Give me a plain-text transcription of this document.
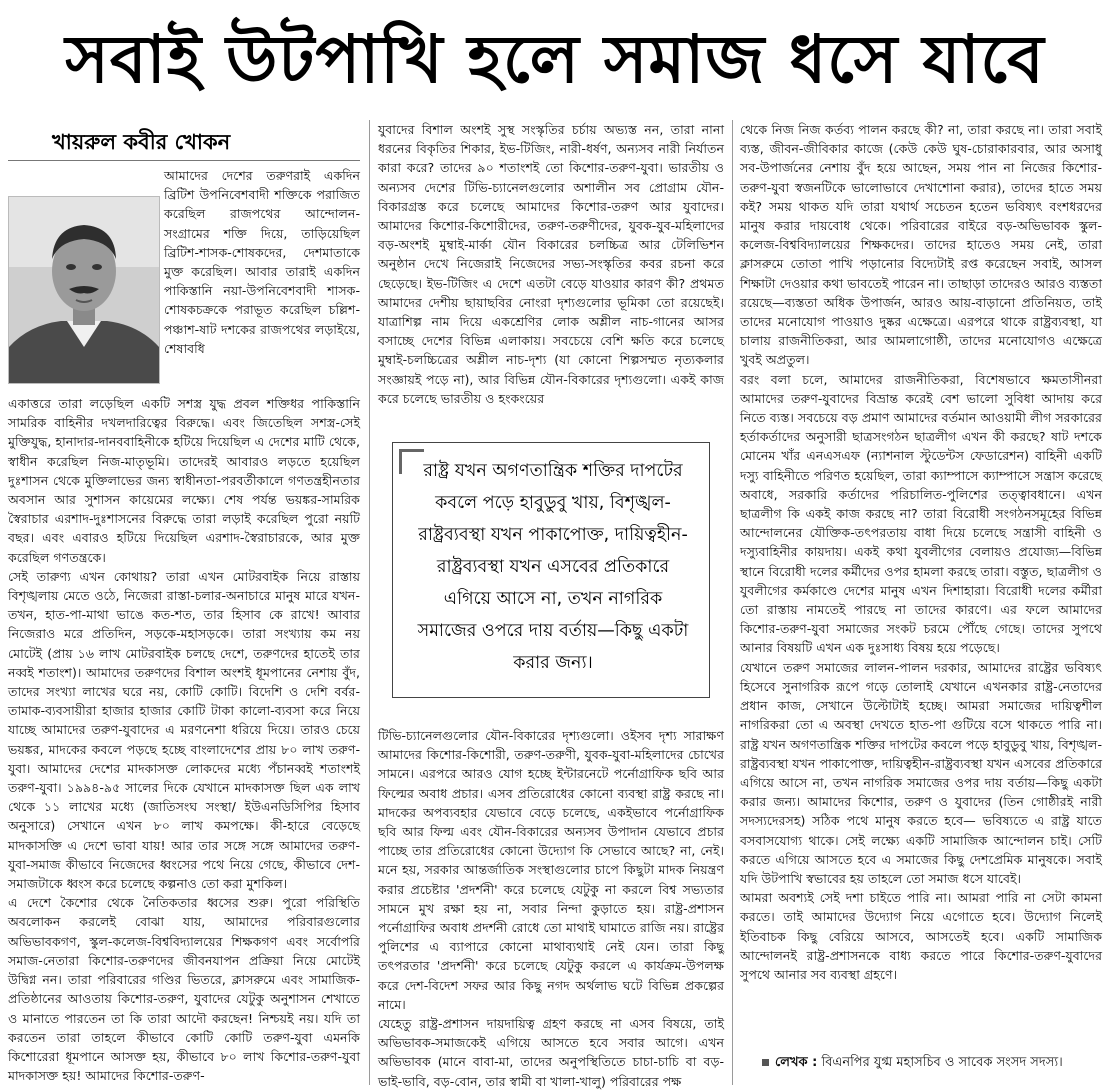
সবাই উটপাখি হলে সমাজ ধসে যাবে
খায়রুল কবীর খোকন

আমাদের দেশের তরুণরাই একদিন ব্রিটিশ উপনিবেশবাদী শক্তিকে পরাজিত করেছিল রাজপথের আন্দোলন-সংগ্রামের শক্তি দিয়ে, তাড়িয়েছিল ব্রিটিশ-শাসক-শোষকদের, দেশমাতাকে মুক্ত করেছিল। আবার তারাই একদিন পাকিস্তানি নয়া-উপনিবেশবাদী শাসক-শোষকচক্রকে পরাভূত করেছিল চল্লিশ-পঞ্চাশ-ষাট দশকের রাজপথের লড়াইয়ে, শেষাবধি

একাত্তরে তারা লড়েছিল একটি সশস্ত্র যুদ্ধ প্রবল শক্তিধর পাকিস্তানি সামরিক বাহিনীর দখলদারিত্বের বিরুদ্ধে। এবং জিতেছিল সশস্ত্র-সেই মুক্তিযুদ্ধ, হানাদার-দানববাহিনীকে হটিয়ে দিয়েছিল এ দেশের মাটি থেকে, স্বাধীন করেছিল নিজ-মাতৃভূমি। তাদেরই আবারও লড়তে হয়েছিল দুঃশাসন থেকে মুক্তিলাভের জন্য স্বাধীনতা-পরবর্তীকালে গণতন্ত্রহীনতার অবসান আর সুশাসন কায়েমের লক্ষ্যে। শেষ পর্যন্ত ভয়ঙ্কর-সামরিক স্বৈরাচার এরশাদ-দুঃশাসনের বিরুদ্ধে তারা লড়াই করেছিল পুরো নয়টি বছর। এবং এবারও হটিয়ে দিয়েছিল এরশাদ-স্বৈরাচারকে, আর মুক্ত করেছিল গণতন্ত্রকে।

সেই তারুণ্য এখন কোথায়? তারা এখন মোটরবাইক নিয়ে রাস্তায় বিশৃঙ্খলায় মেতে ওঠে, নিজেরা রাস্তা-চলার-অনাচারে মানুষ মারে যখন-তখন, হাত-পা-মাথা ভাঙে কত-শত, তার হিসাব কে রাখে! আবার নিজেরাও মরে প্রতিদিন, সড়কে-মহাসড়কে। তারা সংখ্যায় কম নয় মোটেই (প্রায় ১৬ লাখ মোটরবাইক চলছে দেশে, তরুণদের হাতেই তার নব্বই শতাংশ)। আমাদের তরুণদের বিশাল অংশই ধূমপানের নেশায় বুঁদ, তাদের সংখ্যা লাখের ঘরে নয়, কোটি কোটি। বিদেশি ও দেশি বর্বর-তামাক-ব্যবসায়ীরা হাজার হাজার কোটি টাকা কালো-ব্যবসা করে নিয়ে যাচ্ছে আমাদের তরুণ-যুবাদের এ মরণনেশা ধরিয়ে দিয়ে। তারও চেয়ে ভয়ঙ্কর, মাদকের কবলে পড়ছে হচ্ছে বাংলাদেশের প্রায় ৮০ লাখ তরুণ-যুবা। আমাদের দেশের মাদকাসক্ত লোকদের মধ্যে পঁচানব্বই শতাংশই তরুণ-যুবা। ১৯৯৪-৯৫ সালের দিকে যেখানে মাদকাসক্ত ছিল এক লাখ থেকে ১১ লাখের মধ্যে (জাতিসংঘ সংস্থা/ ইউএনডিসিপির হিসাব অনুসারে) সেখানে এখন ৮০ লাখ কমপক্ষে। কী-হারে বেড়েছে মাদকাসক্তি এ দেশে ভাবা যায়! আর তার সঙ্গে সঙ্গে আমাদের তরুণ-যুবা-সমাজ কীভাবে নিজেদের ধ্বংসের পথে নিয়ে গেছে, কীভাবে দেশ-সমাজটাকে ধ্বংস করে চলেছে কল্পনাও তো করা মুশকিল।

এ দেশে কৈশোর থেকে নৈতিকতার ধ্বসের শুরু। পুরো পরিস্থিতি অবলোকন করলেই বোঝা যায়, আমাদের পরিবারগুলোর অভিভাবকগণ, স্কুল-কলেজ-বিশ্ববিদ্যালয়ের শিক্ষকগণ এবং সর্বোপরি সমাজ-নেতারা কিশোর-তরুণদের জীবনযাপন প্রক্রিয়া নিয়ে মোটেই উদ্বিগ্ন নন। তারা পরিবারের গণ্ডির ভিতরে, ক্লাসরুমে এবং সামাজিক-প্রতিষ্ঠানের আওতায় কিশোর-তরুণ, যুবাদের যেটুকু অনুশাসন শেখাতে ও মানাতে পারতেন তা কি তারা আদৌ করছেন! নিশ্চয়ই নয়। যদি তা করতেন তারা তাহলে কীভাবে কোটি কোটি তরুণ-যুবা এমনকি কিশোরেরা ধূমপানে আসক্ত হয়, কীভাবে ৮০ লাখ কিশোর-তরুণ-যুবা মাদকাসক্ত হয়! আমাদের কিশোর-তরুণ-

যুবাদের বিশাল অংশই সুস্থ সংস্কৃতির চর্চায় অভ্যস্ত নন, তারা নানা ধরনের বিকৃতির শিকার, ইভ-টিজিং, নারী-ধর্ষণ, অন্যসব নারী নির্যাতন কারা করে? তাদের ৯০ শতাংশই তো কিশোর-তরুণ-যুবা। ভারতীয় ও অন্যসব দেশের টিভি-চ্যানেলগুলোর অশালীন সব প্রোগ্রাম যৌন-বিকারগ্রস্ত করে চলেছে আমাদের কিশোর-তরুণ আর যুবাদের। আমাদের কিশোর-কিশোরীদের, তরুণ-তরুণীদের, যুবক-যুব-মহিলাদের বড়-অংশই মুম্বাই-মার্কা যৌন বিকারের চলচ্চিত্র আর টেলিভিশন অনুষ্ঠান দেখে নিজেরাই নিজেদের সভ্য-সংস্কৃতির কবর রচনা করে ছেড়েছে। ইভ-টিজিং এ দেশে এতটা বেড়ে যাওয়ার কারণ কী? প্রথমত আমাদের দেশীয় ছায়াছবির নোংরা দৃশ্যগুলোর ভূমিকা তো রয়েছেই। যাত্রাশিল্প নাম দিয়ে একশ্রেণির লোক অশ্লীল নাচ-গানের আসর বসাচ্ছে দেশের বিভিন্ন এলাকায়। সবচেয়ে বেশি ক্ষতি করে চলেছে মুম্বাই-চলচ্চিত্রের অশ্লীল নাচ-দৃশ্য (যা কোনো শিল্পসম্মত নৃত্যকলার সংজ্ঞায়ই পড়ে না), আর বিভিন্ন যৌন-বিকারের দৃশ্যগুলো। একই কাজ করে চলেছে ভারতীয় ও হংকংয়ের

রাষ্ট্র যখন অগণতান্ত্রিক শক্তির দাপটের কবলে পড়ে হাবুডুবু খায়, বিশৃঙ্খল-রাষ্ট্রব্যবস্থা যখন পাকাপোক্ত, দায়িত্বহীন-রাষ্ট্রব্যবস্থা যখন এসবের প্রতিকারে এগিয়ে আসে না, তখন নাগরিক সমাজের ওপরে দায় বর্তায়—কিছু একটা করার জন্য।

টিভি-চ্যানেলগুলোর যৌন-বিকারের দৃশ্যগুলো। ওইসব দৃশ্য সারাক্ষণ আমাদের কিশোর-কিশোরী, তরুণ-তরুণী, যুবক-যুবা-মহিলাদের চোখের সামনে। এরপরে আরও যোগ হচ্ছে ইন্টারনেটে পর্নোগ্রাফিক ছবি আর ফিল্মের অবাধ প্রচার। এসব প্রতিরোধের কোনো ব্যবস্থা রাষ্ট্র করছে না। মাদকের অপব্যবহার যেভাবে বেড়ে চলেছে, একইভাবে পর্নোগ্রাফিক ছবি আর ফিল্ম এবং যৌন-বিকারের অন্যসব উপাদান যেভাবে প্রচার পাচ্ছে তার প্রতিরোধের কোনো উদ্যোগ কি সেভাবে আছে? না, নেই। মনে হয়, সরকার আন্তর্জাতিক সংস্থাগুলোর চাপে কিছুটা মাদক নিয়ন্ত্রণ করার প্রচেষ্টার 'প্রদর্শনী' করে চলেছে যেটুকু না করলে বিশ্ব সভ্যতার সামনে মুখ রক্ষা হয় না, সবার নিন্দা কুড়াতে হয়। রাষ্ট্র-প্রশাসন পর্নোগ্রাফির অবাধ প্রদর্শনী রোধে তো মাথাই ঘামাতে রাজি নয়। রাষ্ট্রের পুলিশের এ ব্যাপারে কোনো মাথাব্যথাই নেই যেন। তারা কিছু তৎপরতার 'প্রদর্শনী' করে চলেছে যেটুকু করলে এ কার্যক্রম-উপলক্ষ করে দেশ-বিদেশ সফর আর কিছু নগদ অর্থলাভ ঘটে বিভিন্ন প্রকল্পের নামে।

যেহেতু রাষ্ট্র-প্রশাসন দায়দায়িত্ব গ্রহণ করছে না এসব বিষয়ে, তাই অভিভাবক-সমাজকেই এগিয়ে আসতে হবে সবার আগে। এখন অভিভাবক (মানে বাবা-মা, তাদের অনুপস্থিতিতে চাচা-চাচি বা বড়-ভাই-ভাবি, বড়-বোন, তার স্বামী বা খালা-খালু) পরিবারের পক্ষ

থেকে নিজ নিজ কর্তব্য পালন করছে কী? না, তারা করছে না। তারা সবাই ব্যস্ত, জীবন-জীবিকার কাজে (কেউ কেউ ঘুষ-চোরাকারবার, আর অসাধু সব-উপার্জনের নেশায় বুঁদ হয়ে আছেন, সময় পান না নিজের কিশোর-তরুণ-যুবা স্বজনটিকে ভালোভাবে দেখাশোনা করার), তাদের হাতে সময় কই? সময় থাকত যদি তারা যথার্থ সচেতন হতেন ভবিষ্যৎ বংশধরদের মানুষ করার দায়বোধ থেকে। পরিবারের বাইরে বড়-অভিভাবক স্কুল-কলেজ-বিশ্ববিদ্যালয়ের শিক্ষকদের। তাদের হাতেও সময় নেই, তারা ক্লাসরুমে তোতা পাখি পড়ানোর বিদ্যেটাই রপ্ত করেছেন সবাই, আসল শিক্ষাটা দেওয়ার কথা ভাবতেই পারেন না। তাছাড়া তাদেরও আরও ব্যস্ততা রয়েছে—ব্যস্ততা অধিক উপার্জন, আরও আয়-বাড়ানো প্রতিনিয়ত, তাই তাদের মনোযোগ পাওয়াও দুষ্কর এক্ষেত্রে। এরপরে থাকে রাষ্ট্রব্যবস্থা, যা চালায় রাজনীতিকরা, আর আমলাগোষ্ঠী, তাদের মনোযোগও এক্ষেত্রে খুবই অপ্রতুল।

বরং বলা চলে, আমাদের রাজনীতিকরা, বিশেষভাবে ক্ষমতাসীনরা আমাদের তরুণ-যুবাদের বিভ্রান্ত করেই বেশ ভালো সুবিধা আদায় করে নিতে ব্যস্ত। সবচেয়ে বড় প্রমাণ আমাদের বর্তমান আওয়ামী লীগ সরকারের হর্তাকর্তাদের অনুসারী ছাত্রসংগঠন ছাত্রলীগ এখন কী করছে? ষাট দশকে মোনেম খাঁর এনএসএফ (ন্যাশনাল স্টুডেন্টস ফেডারেশন) বাহিনী একটি দস্যু বাহিনীতে পরিণত হয়েছিল, তারা ক্যাম্পাসে ক্যাম্পাসে সন্ত্রাস করেছে অবাধে, সরকারি কর্তাদের পরিচালিত-পুলিশের তত্ত্বাবধানে। এখন ছাত্রলীগ কি একই কাজ করছে না? তারা বিরোধী সংগঠনসমূহের বিভিন্ন আন্দোলনের যৌক্তিক-তৎপরতায় বাধা দিয়ে চলেছে সন্ত্রাসী বাহিনী ও দস্যুবাহিনীর কায়দায়। একই কথা যুবলীগের বেলায়ও প্রযোজ্য—বিভিন্ন স্থানে বিরোধী দলের কর্মীদের ওপর হামলা করছে তারা। বস্তুত, ছাত্রলীগ ও যুবলীগের কর্মকাণ্ডে দেশের মানুষ এখন দিশাহারা। বিরোধী দলের কর্মীরা তো রাস্তায় নামতেই পারছে না তাদের কারণে। এর ফলে আমাদের কিশোর-তরুণ-যুবা সমাজের সংকট চরমে পৌঁছে গেছে। তাদের সুপথে আনার বিষয়টি এখন এক দুঃসাধ্য বিষয় হয়ে পড়েছে।

যেখানে তরুণ সমাজের লালন-পালন দরকার, আমাদের রাষ্ট্রের ভবিষ্যৎ হিসেবে সুনাগরিক রূপে গড়ে তোলাই যেখানে এখনকার রাষ্ট্র-নেতাদের প্রধান কাজ, সেখানে উল্টোটাই হচ্ছে। আমরা সমাজের দায়িত্বশীল নাগরিকরা তো এ অবস্থা দেখতে হাত-পা গুটিয়ে বসে থাকতে পারি না। রাষ্ট্র যখন অগণতান্ত্রিক শক্তির দাপটের কবলে পড়ে হাবুডুবু খায়, বিশৃঙ্খল-রাষ্ট্রব্যবস্থা যখন পাকাপোক্ত, দায়িত্বহীন-রাষ্ট্রব্যবস্থা যখন এসবের প্রতিকারে এগিয়ে আসে না, তখন নাগরিক সমাজের ওপর দায় বর্তায়—কিছু একটা করার জন্য। আমাদের কিশোর, তরুণ ও যুবাদের (তিন গোষ্ঠীরই নারী সদস্যদেরসহ) সঠিক পথে মানুষ করতে হবে— ভবিষ্যতে এ রাষ্ট্র যাতে বসবাসযোগ্য থাকে। সেই লক্ষ্যে একটি সামাজিক আন্দোলন চাই। সেটি করতে এগিয়ে আসতে হবে এ সমাজের কিছু দেশপ্রেমিক মানুষকে। সবাই যদি উটপাখি স্বভাবের হয় তাহলে তো সমাজ ধসে যাবেই।

আমরা অবশ্যই সেই দশা চাইতে পারি না। আমরা পারি না সেটা কামনা করতে। তাই আমাদের উদ্যোগ নিয়ে এগোতে হবে। উদ্যোগ নিলেই ইতিবাচক কিছু বেরিয়ে আসবে, আসতেই হবে। একটি সামাজিক আন্দোলনই রাষ্ট্র-প্রশাসনকে বাধ্য করতে পারে কিশোর-তরুণ-যুবাদের সুপথে আনার সব ব্যবস্থা গ্রহণে।

লেখক : বিএনপির যুগ্ম মহাসচিব ও সাবেক সংসদ সদস্য।
